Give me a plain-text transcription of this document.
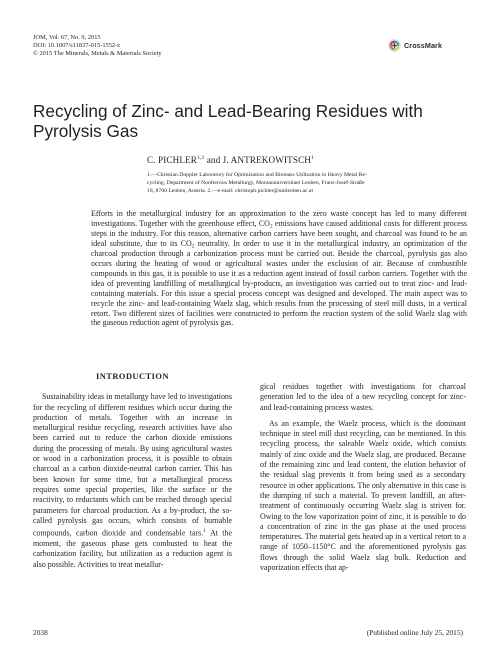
JOM, Vol. 67, No. 9, 2015
DOI: 10.1007/s11837-015-1552-z
© 2015 The Minerals, Metals & Materials Society
CrossMark
Recycling of Zinc- and Lead-Bearing Residues with Pyrolysis Gas
C. PICHLER$^{1,2}$ and J. ANTREKOWITSCH$^1$
1.—Christian Doppler Laboratory for Optimization and Biomass Utilization in Heavy Metal Re-
cycling, Department of Nonferrous Metallurgy, Montanuniversitaet Leoben, Franz-Josef-Straße
18, 8700 Leoben, Austria. 2.—e-mail: christoph.pichler@unileoben.ac.at

Efforts in the metallurgical industry for an approximation to the zero waste concept has led to many different investigations. Together with the greenhouse effect, $CO_2$ emissions have caused additional costs for different process steps in the industry. For this reason, alternative carbon carriers have been sought, and charcoal was found to be an ideal substitute, due to its $CO_2$ neutrality. In order to use it in the metallurgical industry, an optimization of the charcoal production through a carbonization process must be carried out. Beside the charcoal, pyrolysis gas also occurs during the heating of wood or agricultural wastes under the exclusion of air. Because of combustible compounds in this gas, it is possible to use it as a reduction agent instead of fossil carbon carriers. Together with the idea of preventing landfilling of metallurgical by-products, an investigation was carried out to treat zinc- and lead-containing materials. For this issue a special process concept was designed and developed. The main aspect was to recycle the zinc- and lead-containing Waelz slag, which results from the processing of steel mill dusts, in a vertical retort. Two different sizes of facilities were constructed to perform the reaction system of the solid Waelz slag with the gaseous reduction agent of pyrolysis gas.

INTRODUCTION

Sustainability ideas in metallurgy have led to investigations for the recycling of different residues which occur during the production of metals. Together with an increase in metallurgical residue recycling, research activities have also been carried out to reduce the carbon dioxide emissions during the processing of metals. By using agricultural wastes or wood in a carbonization process, it is possible to obtain charcoal as a carbon dioxide-neutral carbon carrier. This has been known for some time, but a metallurgical process requires some special properties, like the surface or the reactivity, to reductants which can be reached through special parameters for charcoal production. As a by-product, the so-called pyrolysis gas occurs, which consists of burnable compounds, carbon dioxide and condensable tars.$^1$ At the moment, the gaseous phase gets combusted to heat the carbonization facility, but utilization as a reduction agent is also possible. Activities to treat metallur-

gical residues together with investigations for charcoal generation led to the idea of a new recycling concept for zinc- and lead-containing process wastes.

As an example, the Waelz process, which is the dominant technique in steel mill dust recycling, can be mentioned. In this recycling process, the saleable Waelz oxide, which consists mainly of zinc oxide and the Waelz slag, are produced. Because of the remaining zinc and lead content, the elution behavior of the residual slag prevents it from being used as a secondary resource in other applications. The only alternative in this case is the dumping of such a material. To prevent landfill, an after-treatment of continuously occurring Waelz slag is striven for. Owing to the low vaporization point of zinc, it is possible to do a concentration of zinc in the gas phase at the used process temperatures. The material gets heated up in a vertical retort to a range of 1050–1150°C and the aforementioned pyrolysis gas flows through the solid Waelz slag bulk. Reduction and vaporization effects that ap-

2038	(Published online July 25, 2015)
